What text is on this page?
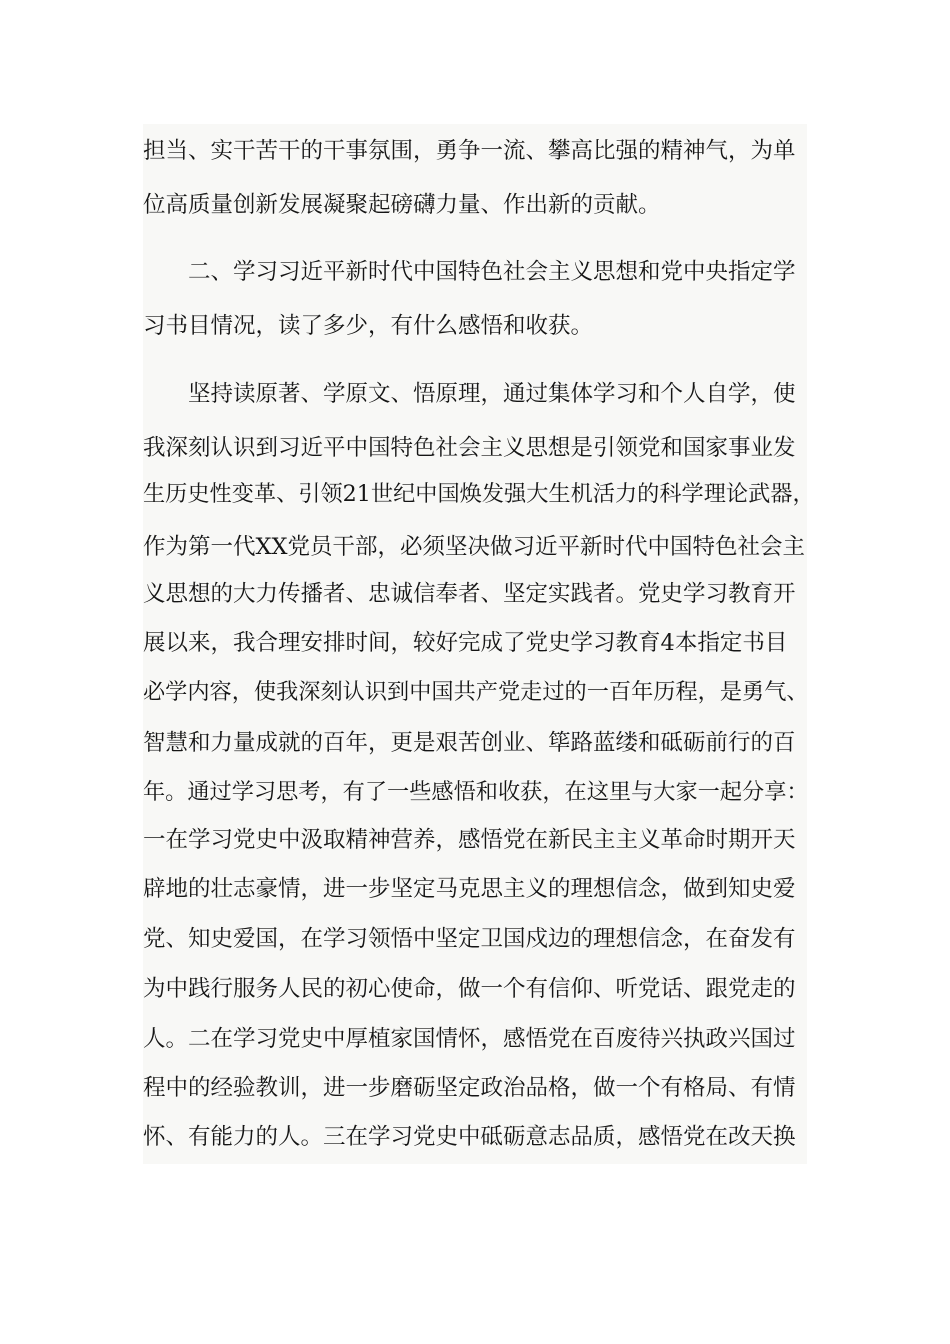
担当、实干苦干的干事氛围，勇争一流、攀高比强的精神气，为单
位高质量创新发展凝聚起磅礴力量、作出新的贡献。
二、学习习近平新时代中国特色社会主义思想和党中央指定学
习书目情况，读了多少，有什么感悟和收获。
坚持读原著、学原文、悟原理，通过集体学习和个人自学，使
我深刻认识到习近平中国特色社会主义思想是引领党和国家事业发
生历史性变革、引领21世纪中国焕发强大生机活力的科学理论武器，
作为第一代XX党员干部，必须坚决做习近平新时代中国特色社会主
义思想的大力传播者、忠诚信奉者、坚定实践者。党史学习教育开
展以来，我合理安排时间，较好完成了党史学习教育4本指定书目
必学内容，使我深刻认识到中国共产党走过的一百年历程，是勇气、
智慧和力量成就的百年，更是艰苦创业、筚路蓝缕和砥砺前行的百
年。通过学习思考，有了一些感悟和收获，在这里与大家一起分享：
一在学习党史中汲取精神营养，感悟党在新民主主义革命时期开天
辟地的壮志豪情，进一步坚定马克思主义的理想信念，做到知史爱
党、知史爱国，在学习领悟中坚定卫国戍边的理想信念，在奋发有
为中践行服务人民的初心使命，做一个有信仰、听党话、跟党走的
人。二在学习党史中厚植家国情怀，感悟党在百废待兴执政兴国过
程中的经验教训，进一步磨砺坚定政治品格，做一个有格局、有情
怀、有能力的人。三在学习党史中砥砺意志品质，感悟党在改天换
